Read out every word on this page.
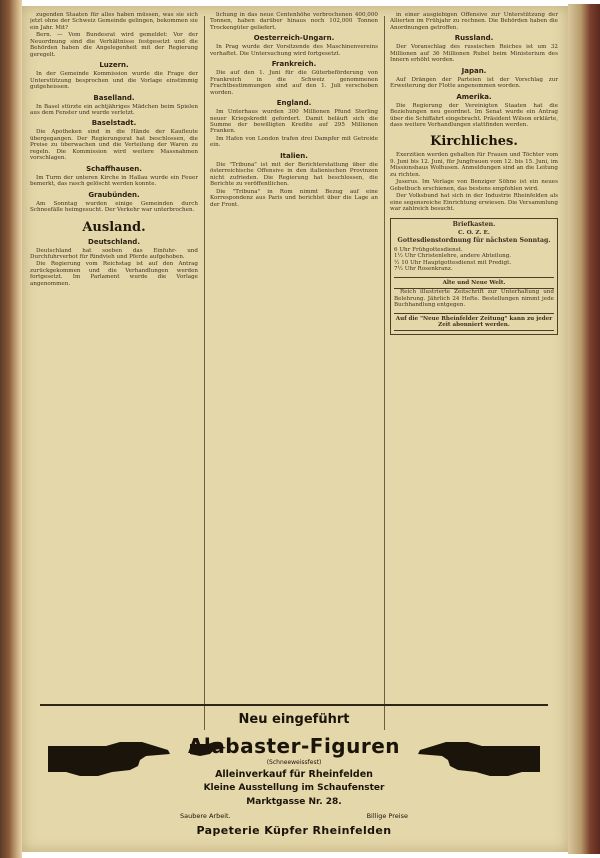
zugenden Staaten für alles haben müssen, was sie sich jetzt ohne der Schweiz Gemeinde gelingen, bekommen sie ein Jahr. Mit?

Bern. — Vom Bundesrat wird gemeldet: Vor der Neuordnung sind die Verhältnisse festgesetzt und die Behörden haben die Angelegenheit mit der Regierung geregelt.

Luzern.

In der Gemeinde Kommission wurde die Frage der Unterstützung besprochen und die Vorlage einstimmig gutgeheissen.

Baselland.

In Basel stürzte ein achtjähriges Mädchen beim Spielen aus dem Fenster und wurde verletzt.

Baselstadt.

Die Apotheken sind in die Hände der Kaufleute übergegangen. Der Regierungsrat hat beschlossen, die Preise zu überwachen und die Verteilung der Waren zu regeln. Die Kommission wird weitere Massnahmen vorschlagen.

Schaffhausen.

Im Turm der unteren Kirche in Hallau wurde ein Feuer bemerkt, das rasch gelöscht werden konnte.

Graubünden.

Am Sonntag wurden einige Gemeinden durch Schneefälle heimgesucht. Der Verkehr war unterbrochen.

Ausland.
Deutschland.

Deutschland hat soeben das Einfuhr- und Durchfuhrverbot für Rindvieh und Pferde aufgehoben.

Die Regierung vom Reichstag ist auf den Antrag zurückgekommen und die Verhandlungen werden fortgesetzt. Im Parlament wurde die Vorlage angenommen.

lichung in das neue Centenhöhe verbrochenen 400,000 Tonnen, haben darüber hinaus noch 102,000 Tonnen Trockengüter geliefert.

Oesterreich-Ungarn.

In Prag wurde der Vorsitzende des Maschinenvereins verhaftet. Die Untersuchung wird fortgesetzt.

Frankreich.

Die auf den 1. Juni für die Güterbeförderung von Frankreich in die Schweiz genommenen Frachtbestimmungen sind auf den 1. Juli verschoben worden.

England.

Im Unterhaus wurden 300 Millionen Pfund Sterling neuer Kriegskredit gefordert. Damit beläuft sich die Summe der bewilligten Kredite auf 295 Millionen Franken.

Im Hafen von London trafen drei Dampfer mit Getreide ein.

Italien.

Die "Tribuna" ist mit der Berichterstattung über die österreichische Offensive in den italienischen Provinzen nicht zufrieden. Die Regierung hat beschlossen, die Berichte zu veröffentlichen.

Die "Tribuna" in Rom nimmt Bezug auf eine Korrespondenz aus Paris und berichtet über die Lage an der Front.

in einer ausgiebigen Offensive zur Unterstützung der Allierten im Frühjahr zu rechnen. Die Behörden haben die Anordnungen getroffen.

Russland.

Der Voranschlag des russischen Reiches ist um 32 Millionen auf 36 Millionen Rubel beim Ministerium des Innern erhöht worden.

Japan.

Auf Drängen der Parteien ist der Vorschlag zur Erweiterung der Flotte angenommen worden.

Amerika.

Die Regierung der Vereinigten Staaten hat die Beziehungen neu geordnet. Im Senat wurde ein Antrag über die Schiffahrt eingebracht. Präsident Wilson erklärte, dass weitere Verhandlungen stattfinden werden.

Kirchliches.

Exerzitien werden gehalten für Frauen und Töchter vom 9. Juni bis 12. Juni, für Jungfrauen vom 12. bis 15. Juni, im Missionshaus Wolhusen. Anmeldungen sind an die Leitung zu richten.

Juserus. Im Verlage von Benziger Söhne ist ein neues Gebetbuch erschienen, das bestens empfohlen wird.

Der Volksbund hat sich in der Industrie Rheinfelden als eine segensreiche Einrichtung erwiesen. Die Versammlung war zahlreich besucht.

Briefkasten.
C. O. Z. E.
Gottesdienstordnung für nächsten Sonntag.
6 Uhr Frühgottesdienst.
1½ Uhr Christenlehre, andere Abteilung.
½ 10 Uhr Hauptgottesdienst mit Predigt.
7½ Uhr Rosenkranz.
Alte und Neue Welt.

Reich illustrierte Zeitschrift zur Unterhaltung und Belehrung. Jährlich 24 Hefte. Bestellungen nimmt jede Buchhandlung entgegen.

Auf die "Neue Rheinfelder Zeitung" kann zu jeder Zeit abonniert werden.
Neu eingeführt
Alabaster-Figuren
(Schneeweissfest)
Alleinverkauf für Rheinfelden
Kleine Ausstellung im Schaufenster
Marktgasse Nr. 28.
Saubere Arbeit.	Billige Preise
Papeterie Küpfer Rheinfelden
